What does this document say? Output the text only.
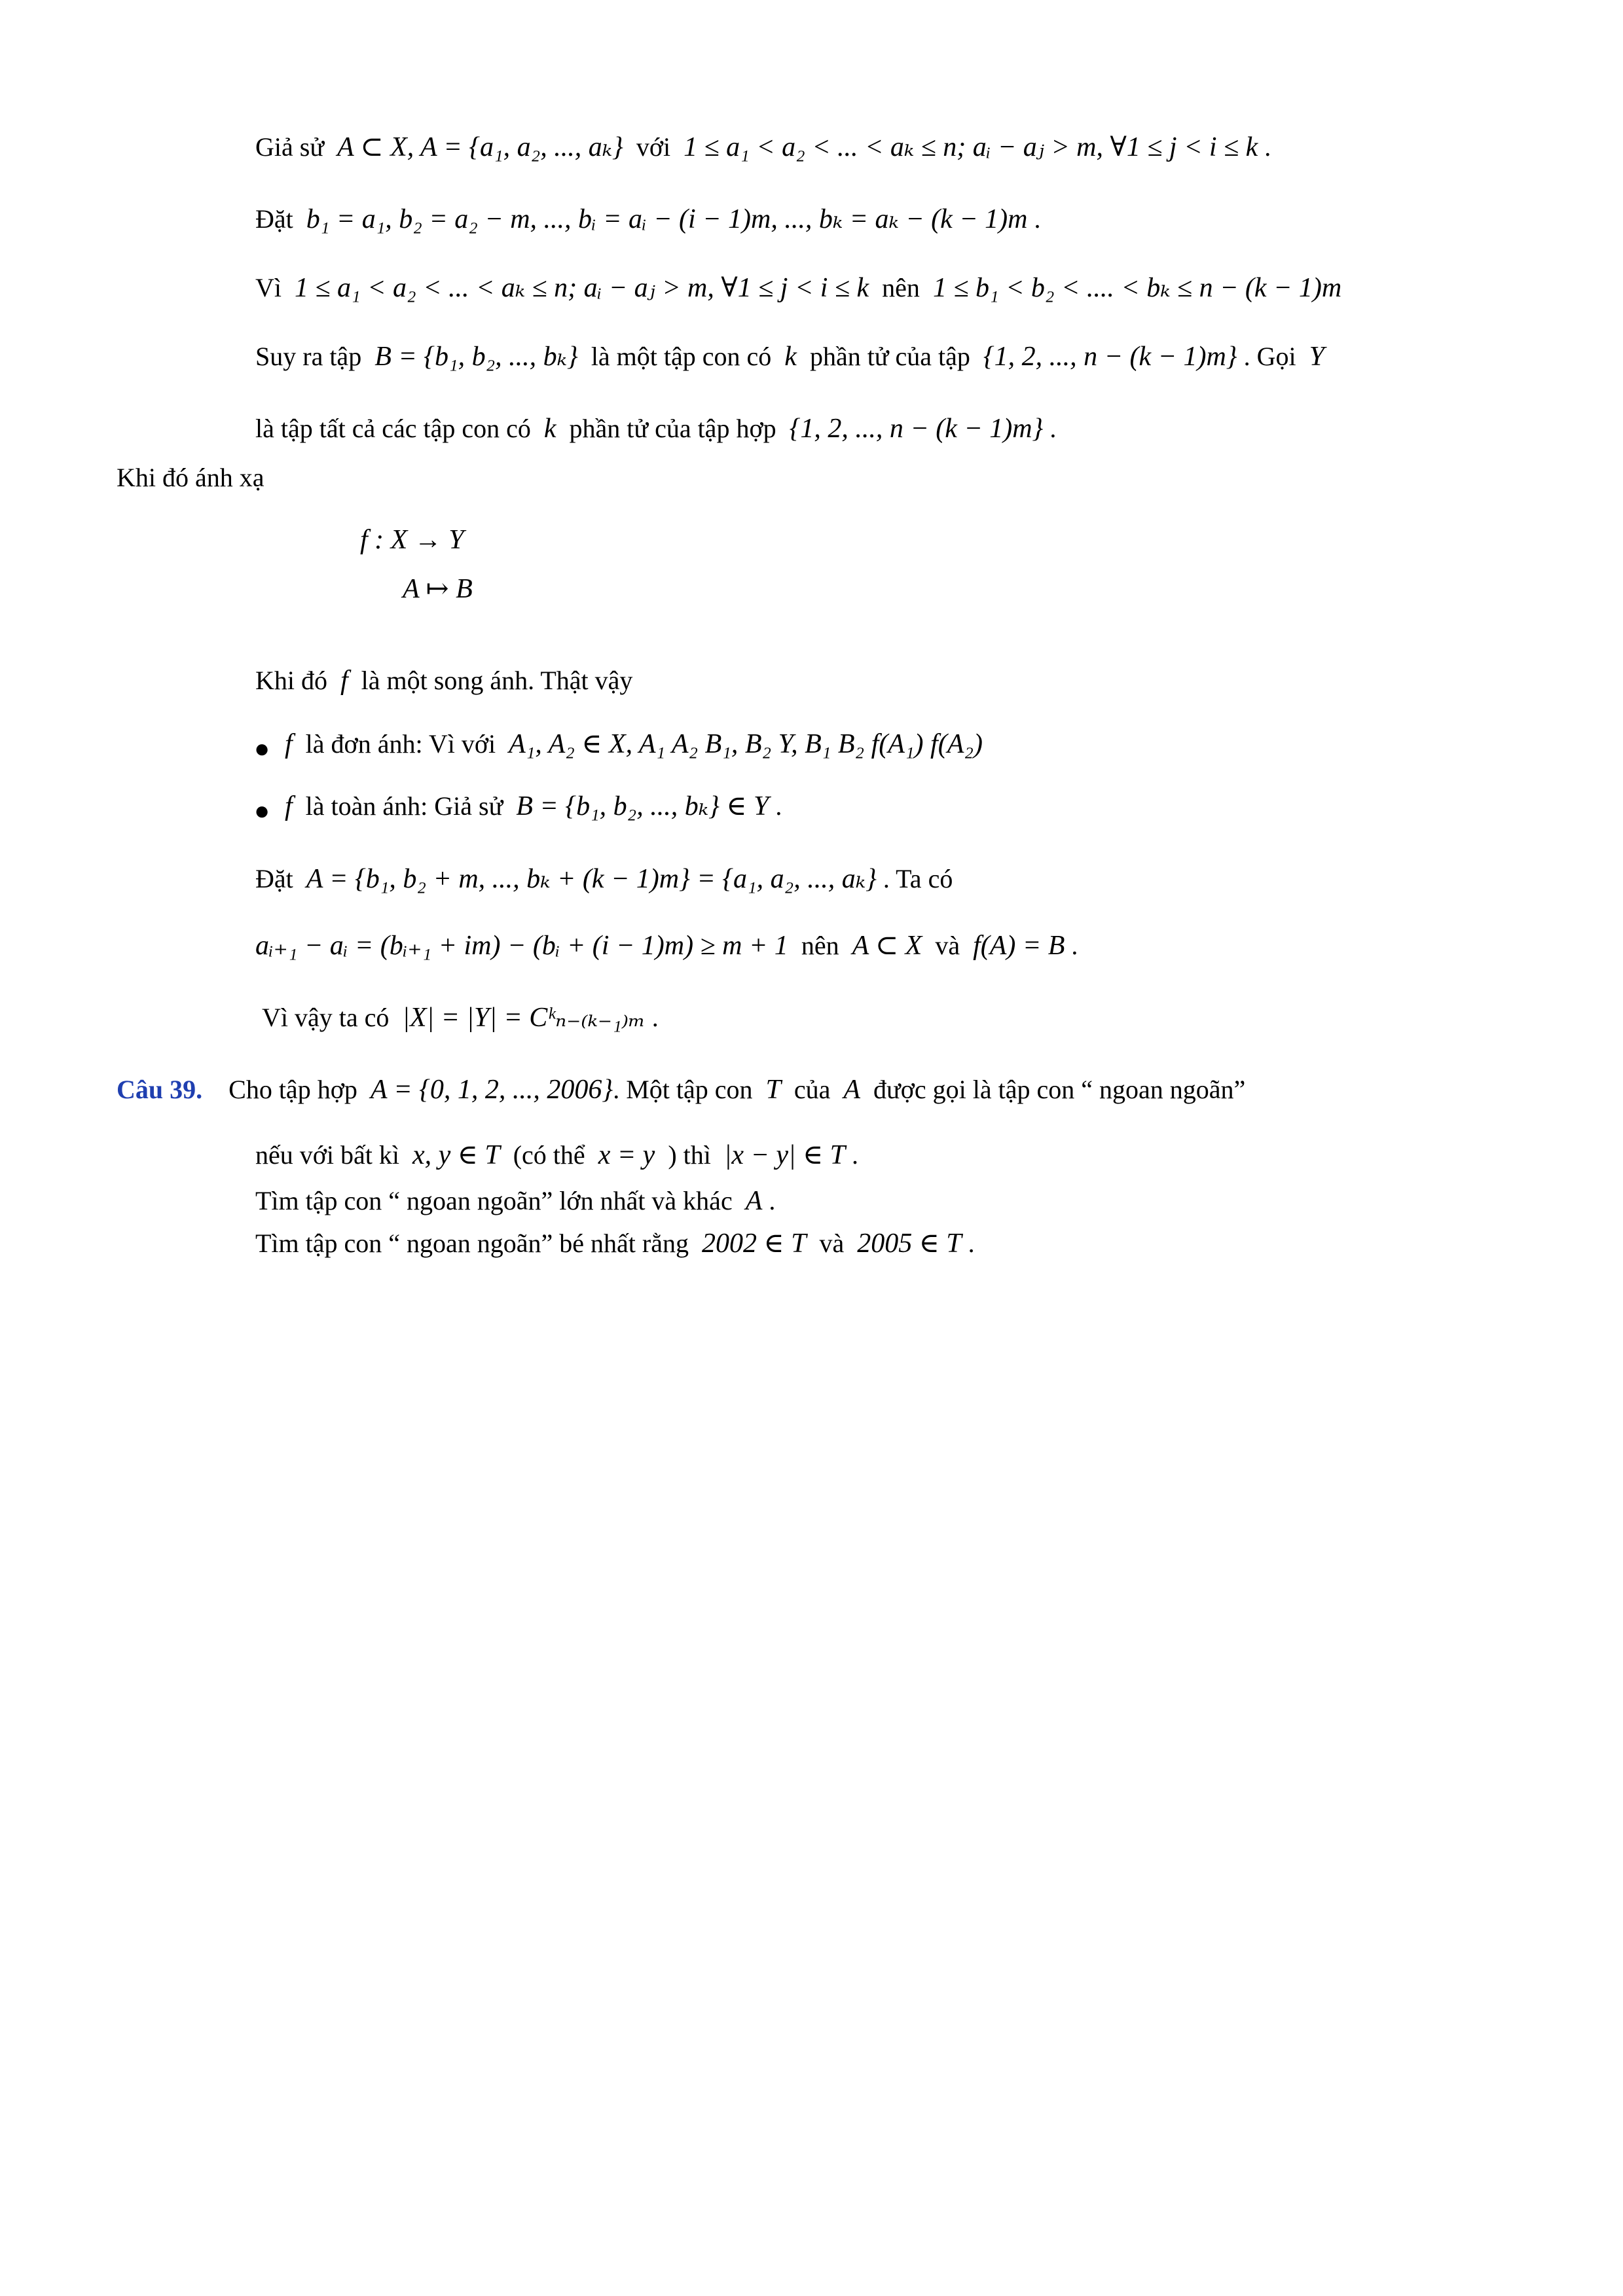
Giả sử A ⊂ X, A = {a₁, a₂, ..., aₖ} với 1 ≤ a₁ < a₂ < ... < aₖ ≤ n; aᵢ − aⱼ > m, ∀1 ≤ j < i ≤ k .
Đặt b₁ = a₁, b₂ = a₂ − m, ..., bᵢ = aᵢ − (i − 1)m, ..., bₖ = aₖ − (k − 1)m .
Vì 1 ≤ a₁ < a₂ < ... < aₖ ≤ n; aᵢ − aⱼ > m, ∀1 ≤ j < i ≤ k nên 1 ≤ b₁ < b₂ < .... < bₖ ≤ n − (k − 1)m
Suy ra tập B = {b₁, b₂, ..., bₖ} là một tập con có k phần tử của tập {1, 2, ..., n − (k − 1)m} . Gọi Y
là tập tất cả các tập con có k phần tử của tập hợp {1, 2, ..., n − (k − 1)m} .
Khi đó ánh xạ
f : X → Y
A ↦ B
Khi đó f là một song ánh. Thật vậy
● f là đơn ánh: Vì với A₁, A₂ ∈ X, A₁ A₂ B₁, B₂ Y, B₁ B₂ f(A₁) f(A₂)
● f là toàn ánh: Giả sử B = {b₁, b₂, ..., bₖ} ∈ Y .
Đặt A = {b₁, b₂ + m, ..., bₖ + (k − 1)m} = {a₁, a₂, ..., aₖ} . Ta có
aᵢ₊₁ − aᵢ = (bᵢ₊₁ + im) − (bᵢ + (i − 1)m) ≥ m + 1 nên A ⊂ X và f(A) = B .
Vì vậy ta có |X| = |Y| = Cᵏₙ₋₍ₖ₋₁₎ₘ .
Câu 39. Cho tập hợp A = {0, 1, 2, ..., 2006}. Một tập con T của A được gọi là tập con “ ngoan ngoãn”
nếu với bất kì x, y ∈ T (có thể x = y ) thì |x − y| ∈ T .
Tìm tập con “ ngoan ngoãn” lớn nhất và khác A .
Tìm tập con “ ngoan ngoãn” bé nhất rằng 2002 ∈ T và 2005 ∈ T .
